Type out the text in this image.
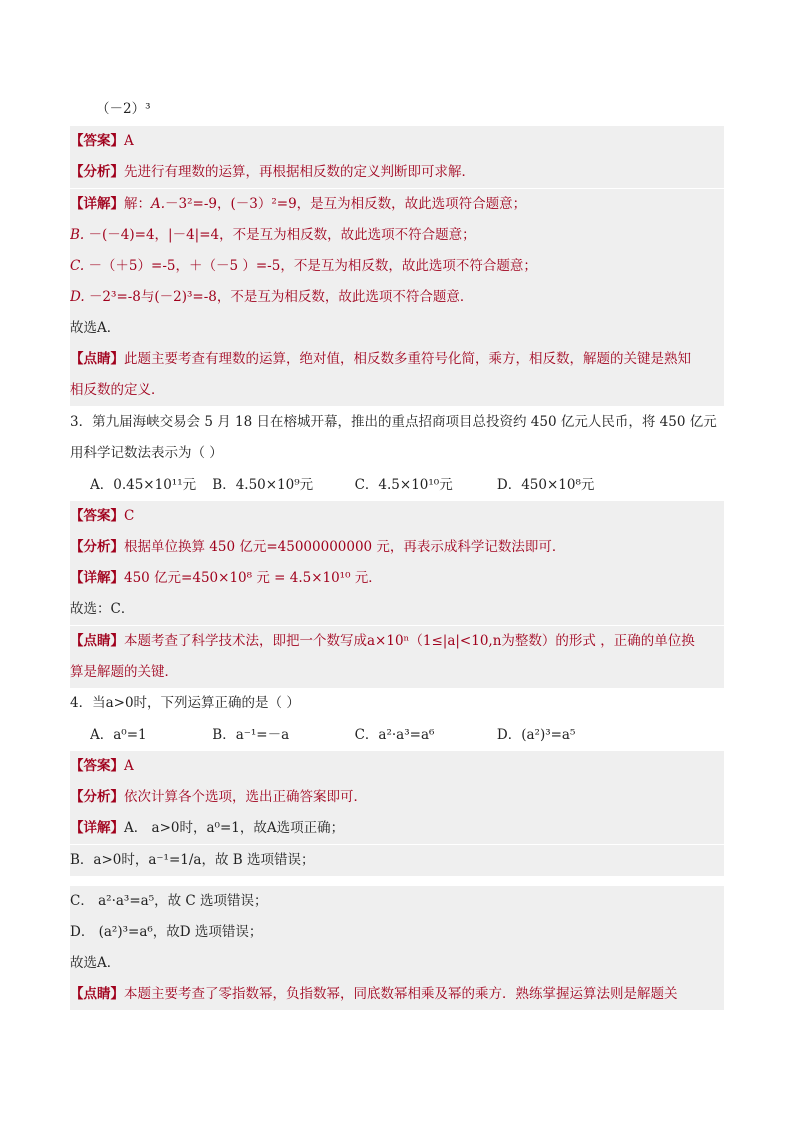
（－2）³
【答案】A
【分析】先进行有理数的运算，再根据相反数的定义判断即可求解．
【详解】解：A.－3²=-9，(－3）²=9，是互为相反数，故此选项符合题意；
B. －(－4)=4，|－4|=4，不是互为相反数，故此选项不符合题意；
C. －（＋5）=-5，＋（－5 ）=-5，不是互为相反数，故此选项不符合题意；
D. －2³=-8与(－2)³=-8，不是互为相反数，故此选项不符合题意．
故选A．
【点睛】此题主要考查有理数的运算，绝对值，相反数多重符号化简，乘方，相反数，解题的关键是熟知
相反数的定义．
3．第九届海峡交易会 5 月 18 日在榕城开幕，推出的重点招商项目总投资约 450 亿元人民币，将 450 亿元
用科学记数法表示为（ ）
A．0.45×10¹¹元 B．4.50×10⁹元	C．4.5×10¹⁰元	D．450×10⁸元
【答案】C
【分析】根据单位换算 450 亿元=45000000000 元，再表示成科学记数法即可．
【详解】450 亿元=450×10⁸ 元 = 4.5×10¹⁰ 元．
故选：C．
【点睛】本题考查了科学技术法，即把一个数写成a×10ⁿ（1≤|a|<10,n为整数）的形式 ，正确的单位换
算是解题的关键．
4．当a>0时，下列运算正确的是（ ）
A．a⁰=1	B．a⁻¹=－a	C．a²·a³=a⁶	D．(a²)³=a⁵
【答案】A
【分析】依次计算各个选项，选出正确答案即可．
【详解】A． a>0时，a⁰=1，故A选项正确；
B．a>0时，a⁻¹=1/a，故 B 选项错误；
C． a²·a³=a⁵，故 C 选项错误；
D． (a²)³=a⁶，故D 选项错误；
故选A．
【点睛】本题主要考查了零指数幂，负指数幂，同底数幂相乘及幂的乘方．熟练掌握运算法则是解题关
